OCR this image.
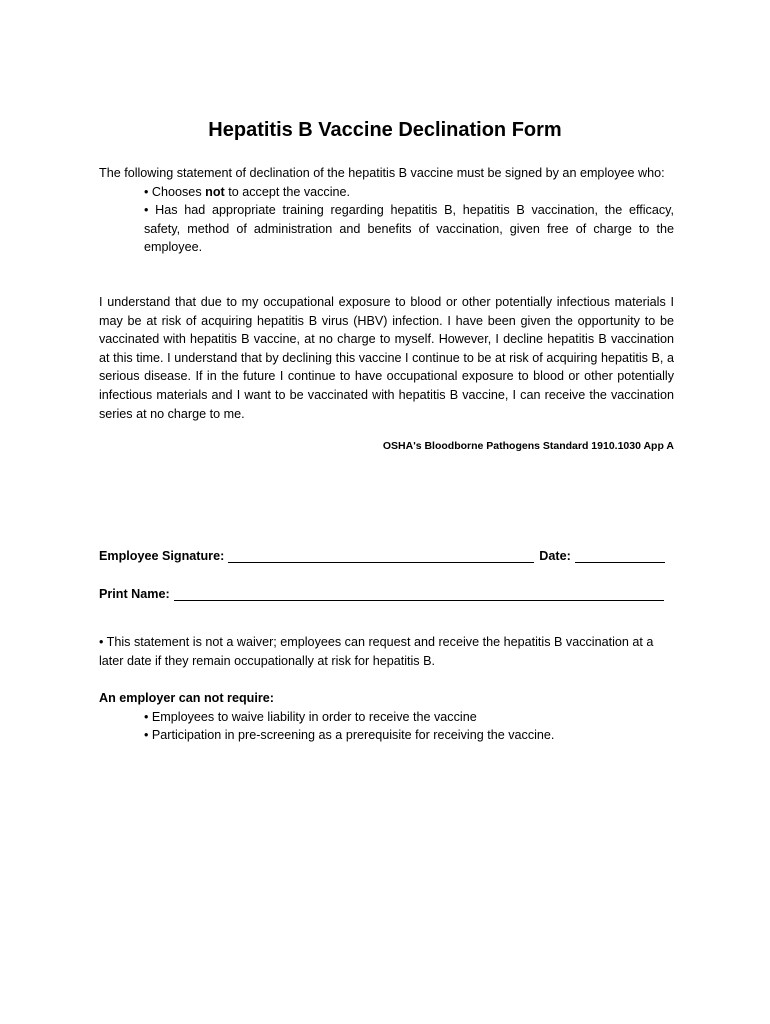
Hepatitis B Vaccine Declination Form
The following statement of declination of the hepatitis B vaccine must be signed by an employee who:
• Chooses not to accept the vaccine.
• Has had appropriate training regarding hepatitis B, hepatitis B vaccination, the efficacy, safety, method of administration and benefits of vaccination, given free of charge to the employee.
I understand that due to my occupational exposure to blood or other potentially infectious materials I may be at risk of acquiring hepatitis B virus (HBV) infection. I have been given the opportunity to be vaccinated with hepatitis B vaccine, at no charge to myself. However, I decline hepatitis B vaccination at this time. I understand that by declining this vaccine I continue to be at risk of acquiring hepatitis B, a serious disease. If in the future I continue to have occupational exposure to blood or other potentially infectious materials and I want to be vaccinated with hepatitis B vaccine, I can receive the vaccination series at no charge to me.
OSHA's Bloodborne Pathogens Standard 1910.1030 App A
Employee Signature:	Date:
Print Name:
• This statement is not a waiver; employees can request and receive the hepatitis B vaccination at a later date if they remain occupationally at risk for hepatitis B.
An employer can not require:
• Employees to waive liability in order to receive the vaccine
• Participation in pre-screening as a prerequisite for receiving the vaccine.
